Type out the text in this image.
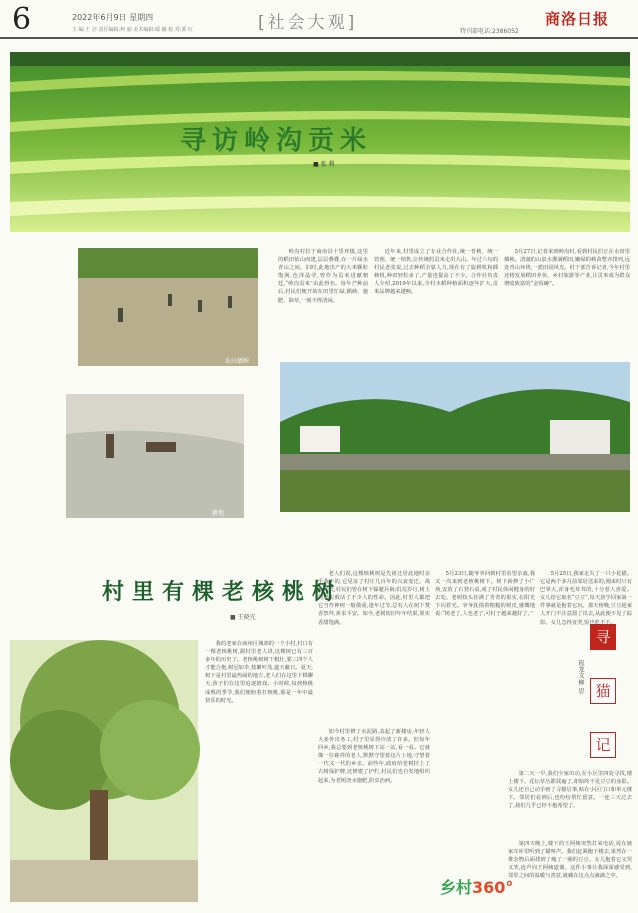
6	2022年6月9日 星期四
主 编:王 洁 责任编辑:柯 丽 美术编辑:鄢 颖 校 对:郭 红	[社会大观]	特刊部电话:2386052
商洛日报
寻访岭沟贡米
■ 张 利
农田插秧
耕地

岭沟村位于商南县十里坪镇,这里的稻田依山而建,层层叠叠,在一片绿水青山之间。旧时,此地出产的大米颗粒饱满,色泽晶莹,曾作为贡米进献朝廷,“岭沟贡米”由此得名。每年芒种前后,村民们便开始在田里忙碌,插秧、施肥、除草,一刻不得清闲。

近年来,村里成立了专业合作社,统一育秧、统一管理、统一销售,让传统的贡米走出大山。年过六旬的村民老张说,过去种稻全靠人力,现在有了旋耕机和插秧机,种田轻松多了,产量也提高了不少。合作社负责人介绍,2019年以来,全村水稻种植面积逐年扩大,贡米品牌越来越响。

5月27日,记者来到岭沟村,看到村民们正在水田里插秧。清澈的山泉水灌满稻田,嫩绿的秧苗整齐排列,远处青山环绕,一派田园风光。村干部告诉记者,今年村里还将发展稻田养鱼、乡村旅游等产业,让贡米成为群众增收致富的“金饭碗”。

村里有棵老核桃树
■ 王晓光

我的老家在商州区城郊的一个小村,村口有一棵老核桃树,据村里老人讲,这棵树已有三百多年的历史了。老核桃树树干粗壮,要三四个人才能合抱,树冠如伞,枝繁叶茂,遮天蔽日。夏天,树下是村里最热闹的地方,老人们在这里下棋聊天,孩子们在这里追逐嬉戏。小时候,每到核桃成熟的季节,我们便盼着打核桃,那是一年中最快乐的时光。

老人们说,这棵核桃树是先祖迁居此地时亲手栽下的,它见证了村庄几百年的兴衰变迁。战乱年代,村民们曾在树下躲避兵祸;饥荒岁月,树上的果实救活了不少人的性命。因此,村里人都把它当作神树一般敬重,逢年过节,总有人在树下焚香祭拜,祈求平安。如今,老树依旧年年结果,果实香甜饱满。

如今村里修了水泥路,盖起了新楼房,年轻人大多外出务工,村子里显得冷清了许多。但每年回乡,我总要到老核桃树下站一站,看一看。它就像一位慈祥的老人,默默守望着这片土地,守望着一代又一代的乡亲。前些年,政府给老树挂上了古树保护牌,还修建了护栏,村民们也自发地组织起来,为老树浇水施肥,防虫治病。

5月23日,随爷爷回到村里看望亲戚,我又一次来到老核桃树下。树下新修了小广场,安放了石凳石桌,成了村民休闲健身的好去处。老树枝头挂满了青青的果实,在阳光下闪着光。爷爷抚摸着粗糙的树皮,感慨地说:“树老了,人也老了,可村子越来越好了。”

寻
猫
记
程龙文 柳 思

5月25日,我家走失了一只小花猫。它是两个多月前邻居送来的,刚来时只有巴掌大,浑身毛茸茸的,十分惹人喜爱。女儿给它取名“豆豆”,每天放学回家第一件事就是抱着它玩。那天傍晚,豆豆趁家人开门不注意溜了出去,从此便不见了踪影。女儿急得直哭,饭也吃不下。

第二天一早,我们全家出动,在小区里四处寻找,楼上楼下、花坛草丛都找遍了,却始终不见豆豆的身影。女儿还自己动手画了寻猫启事,贴在小区门口和单元楼下。邻居们看到后,也纷纷帮忙留意。一连三天过去了,我们几乎已经不抱希望了。

第四天晚上,楼下的王阿姨突然打来电话,说在她家车库里听到了猫叫声。我们赶紧跑下楼去,果然在一堆杂物后面找到了瘦了一圈的豆豆。女儿抱着它又哭又笑,连声向王阿姨道谢。这件小事让我深深感受到,邻里之间的温暖与善意,就藏在这点点滴滴之中。

乡村360°
